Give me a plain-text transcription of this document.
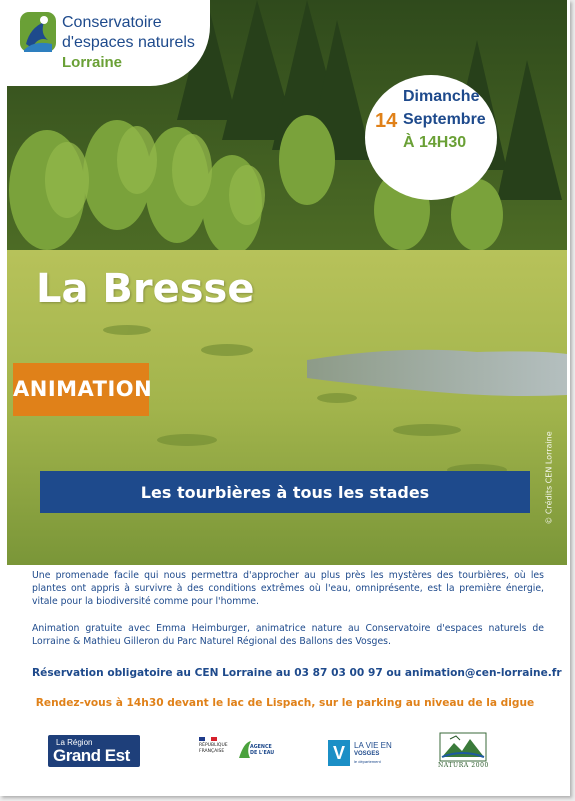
Conservatoire
d'espaces naturels
Lorraine
14
Dimanche
Septembre
À 14H30
La Bresse
ANIMATION
© Crédits CEN Lorraine
Les tourbières à tous les stades

Une promenade facile qui nous permettra d'approcher au plus près les mystères des tourbières, où les plantes ont appris à survivre à des conditions extrêmes où l'eau, omniprésente, est la première énergie, vitale pour la biodiversité comme pour l'homme.

Animation gratuite avec Emma Heimburger, animatrice nature au Conservatoire d'espaces naturels de Lorraine & Mathieu Gilleron du Parc Naturel Régional des Ballons des Vosges.

Réservation obligatoire au CEN Lorraine au 03 87 03 00 97 ou animation@cen-lorraine.fr
Rendez-vous à 14h30 devant le lac de Lispach, sur le parking au niveau de la digue
La Région
Grand Est
RÉPUBLIQUE
FRANÇAISE
AGENCE
DE L'EAU	V	LA VIE EN
VOSGES
le département
NATURA 2000
